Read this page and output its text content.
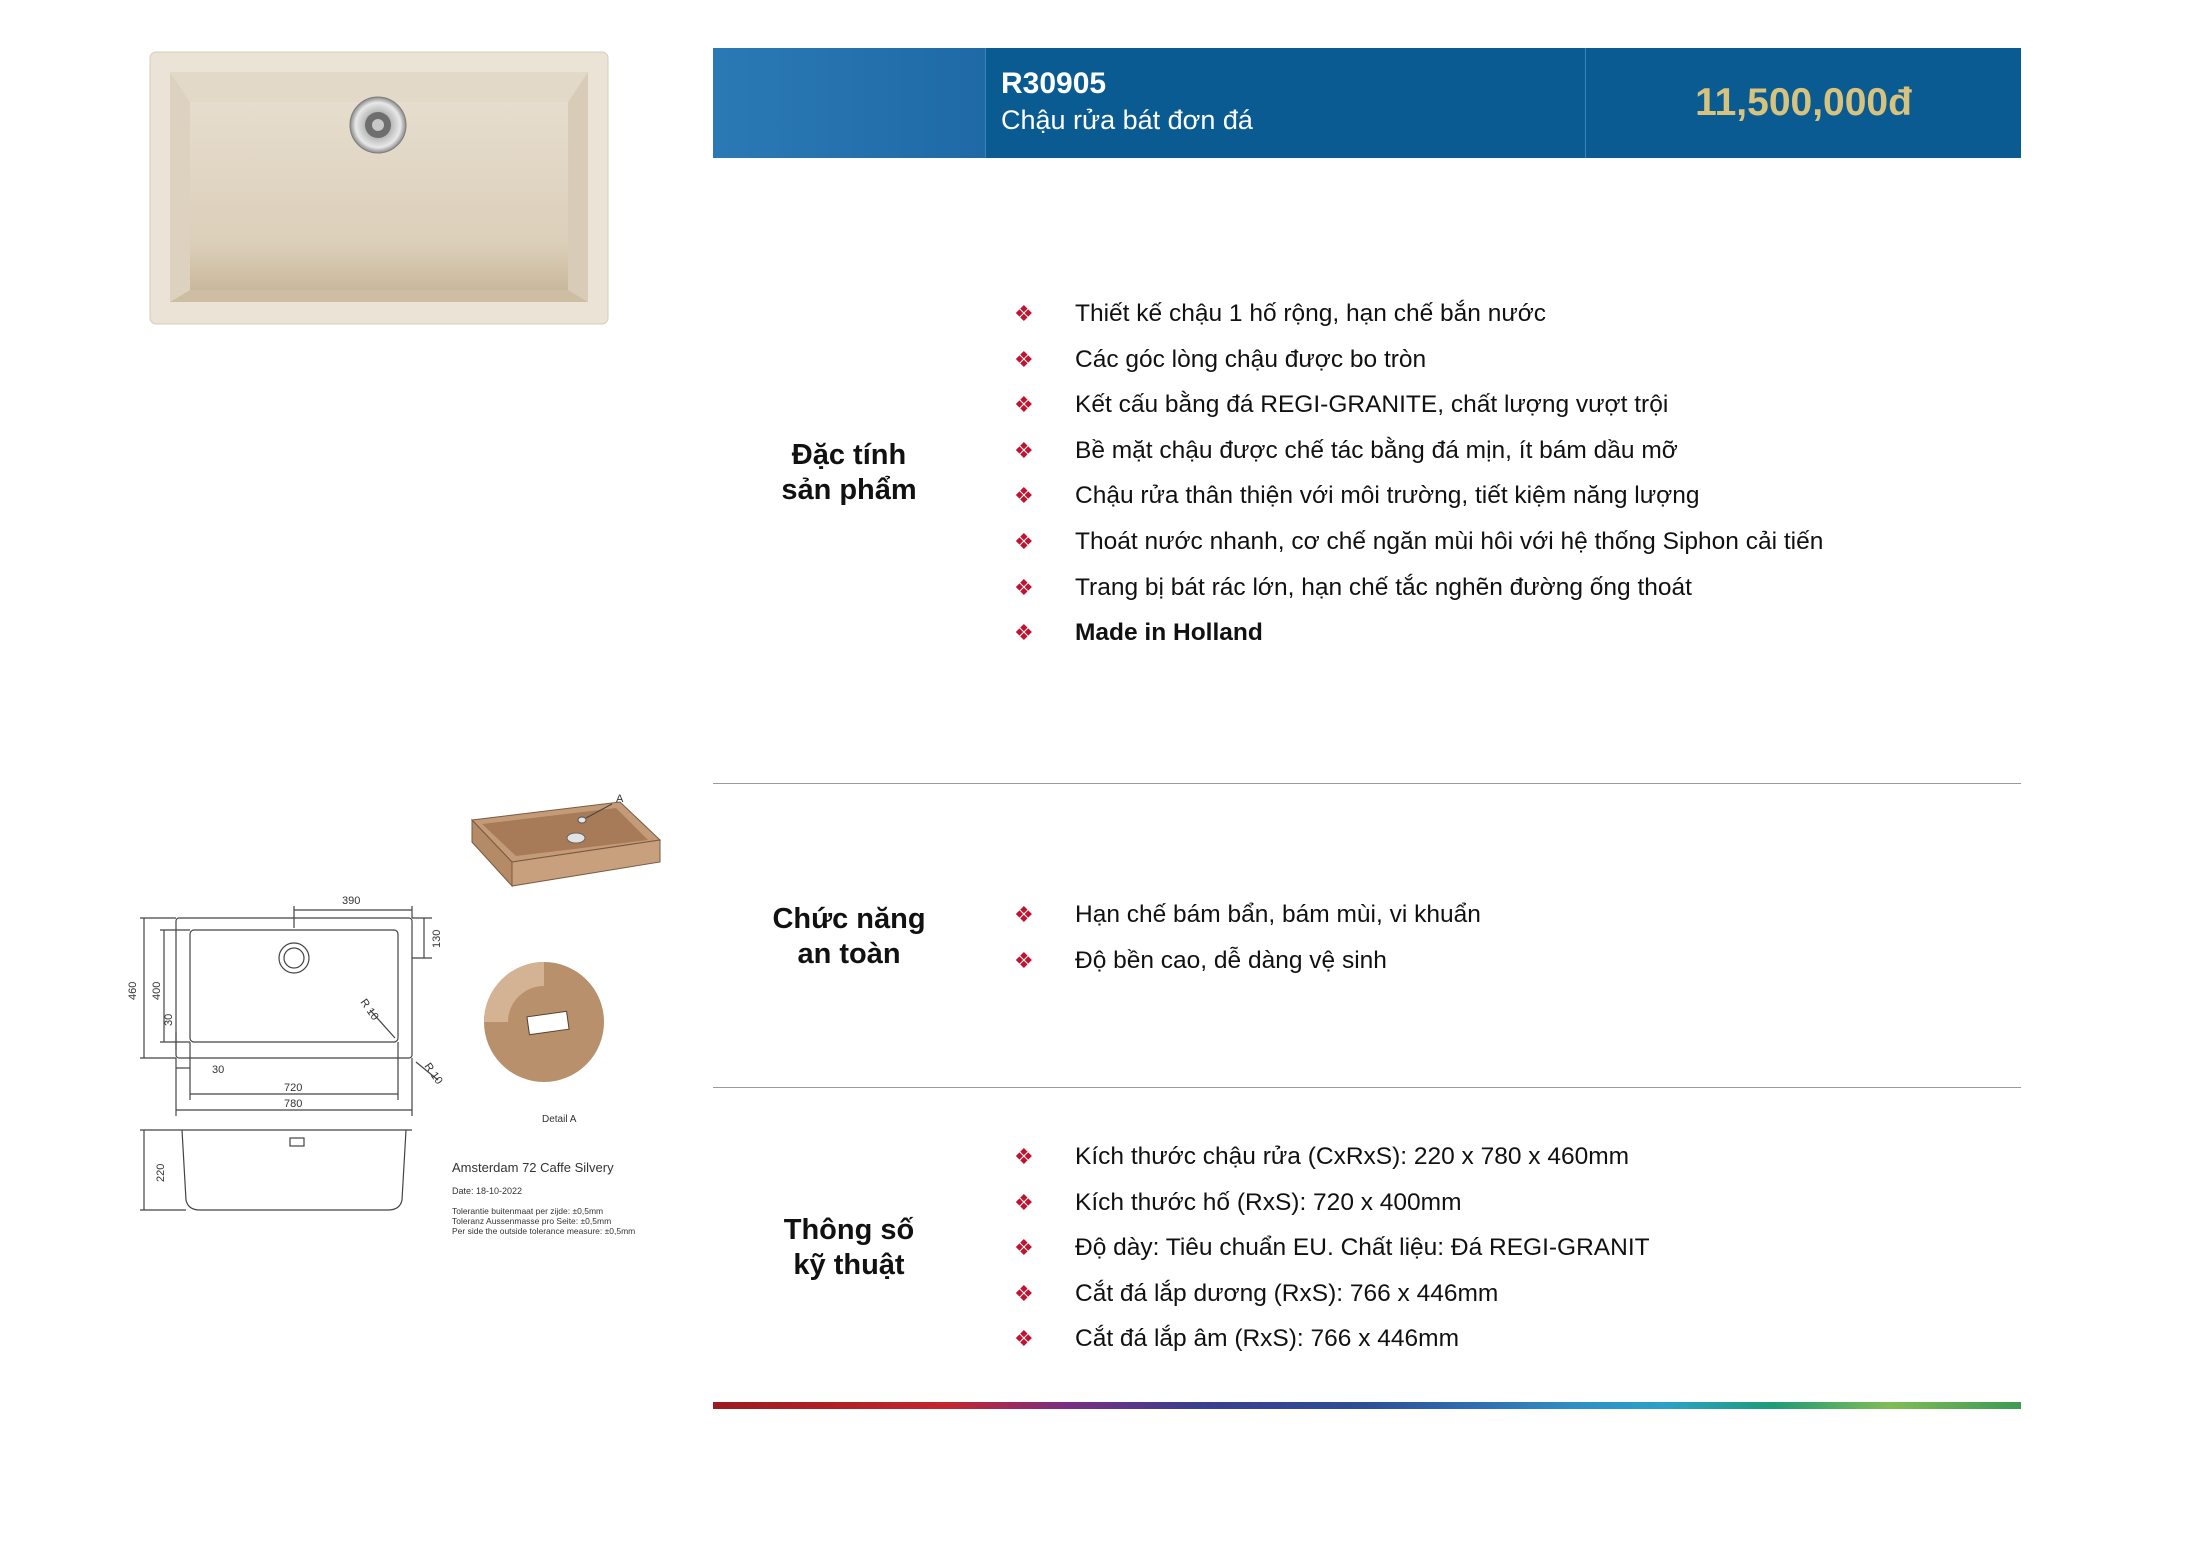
R30905
Chậu rửa bát đơn đá	11,500,000đ
Đặc tính
sản phẩm
❖ Thiết kế chậu 1 hố rộng, hạn chế bắn nước
❖ Các góc lòng chậu được bo tròn
❖ Kết cấu bằng đá REGI-GRANITE, chất lượng vượt trội
❖ Bề mặt chậu được chế tác bằng đá mịn, ít bám dầu mỡ
❖ Chậu rửa thân thiện với môi trường, tiết kiệm năng lượng
❖ Thoát nước nhanh, cơ chế ngăn mùi hôi với hệ thống Siphon cải tiến
❖ Trang bị bát rác lớn, hạn chế tắc nghẽn đường ống thoát
❖ Made in Holland
Chức năng
an toàn
❖ Hạn chế bám bẩn, bám mùi, vi khuẩn
❖ Độ bền cao, dễ dàng vệ sinh
Thông số
kỹ thuật
❖ Kích thước chậu rửa (CxRxS): 220 x 780 x 460mm
❖ Kích thước hố (RxS): 720 x 400mm
❖ Độ dày: Tiêu chuẩn EU. Chất liệu: Đá REGI-GRANIT
❖ Cắt đá lắp dương (RxS): 766 x 446mm
❖ Cắt đá lắp âm (RxS): 766 x 446mm
390
130
460 400
30
30
720
780
220
R 10
R 10
A
Detail A
Amsterdam 72 Caffe Silvery
Date: 18-10-2022
Tolerantie buitenmaat per zijde: ±0,5mm
Toleranz Aussenmasse pro Seite: ±0,5mm
Per side the outside tolerance measure: ±0,5mm
